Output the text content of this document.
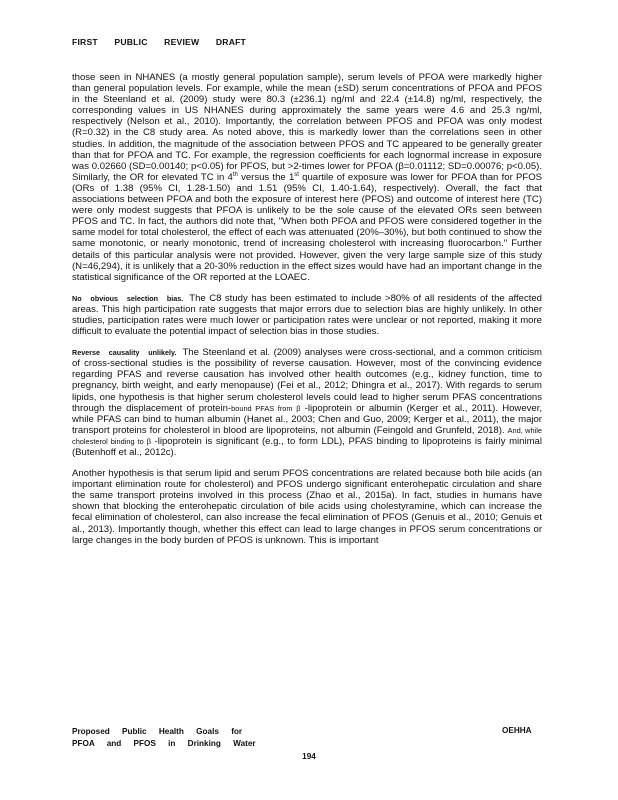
FIRST PUBLIC REVIEW DRAFT

those seen in NHANES (a mostly general population sample), serum levels of PFOA were markedly higher than general population levels. For example, while the mean (±SD) serum concentrations of PFOA and PFOS in the Steenland et al. (2009) study were 80.3 (±236.1) ng/ml and 22.4 (±14.8) ng/ml, respectively, the corresponding values in US NHANES during approximately the same years were 4.6 and 25.3 ng/ml, respectively (Nelson et al., 2010). Importantly, the correlation between PFOS and PFOA was only modest (R=0.32) in the C8 study area. As noted above, this is markedly lower than the correlations seen in other studies. In addition, the magnitude of the association between PFOS and TC appeared to be generally greater than that for PFOA and TC. For example, the regression coefficients for each lognormal increase in exposure was 0.02660 (SD=0.00140; p<0.05) for PFOS, but >2-times lower for PFOA (β=0.01112; SD=0.00076; p<0.05). Similarly, the OR for elevated TC in 4th versus the 1st quartile of exposure was lower for PFOA than for PFOS (ORs of 1.38 (95% CI, 1.28-1.50) and 1.51 (95% CI, 1.40-1.64), respectively). Overall, the fact that associations between PFOA and both the exposure of interest here (PFOS) and outcome of interest here (TC) were only modest suggests that PFOA is unlikely to be the sole cause of the elevated ORs seen between PFOS and TC. In fact, the authors did note that, "When both PFOA and PFOS were considered together in the same model for total cholesterol, the effect of each was attenuated (20%–30%), but both continued to show the same monotonic, or nearly monotonic, trend of increasing cholesterol with increasing fluorocarbon." Further details of this particular analysis were not provided. However, given the very large sample size of this study (N=46,294), it is unlikely that a 20-30% reduction in the effect sizes would have had an important change in the statistical significance of the OR reported at the LOAEC.

No obvious selection bias. The C8 study has been estimated to include >80% of all residents of the affected areas. This high participation rate suggests that major errors due to selection bias are highly unlikely. In other studies, participation rates were much lower or participation rates were unclear or not reported, making it more difficult to evaluate the potential impact of selection bias in those studies.

Reverse causality unlikely. The Steenland et al. (2009) analyses were cross-sectional, and a common criticism of cross-sectional studies is the possibility of reverse causation. However, most of the convincing evidence regarding PFAS and reverse causation has involved other health outcomes (e.g., kidney function, time to pregnancy, birth weight, and early menopause) (Fei et al., 2012; Dhingra et al., 2017). With regards to serum lipids, one hypothesis is that higher serum cholesterol levels could lead to higher serum PFAS concentrations through the displacement of protein-bound PFAS from β -lipoprotein or albumin (Kerger et al., 2011). However, while PFAS can bind to human albumin (Hanet al., 2003; Chen and Guo, 2009; Kerger et al., 2011), the major transport proteins for cholesterol in blood are lipoproteins, not albumin (Feingold and Grunfeld, 2018). And, while cholesterol binding to β -lipoprotein is significant (e.g., to form LDL), PFAS binding to lipoproteins is fairly minimal (Butenhoff et al., 2012c).

Another hypothesis is that serum lipid and serum PFOS concentrations are related because both bile acids (an important elimination route for cholesterol) and PFOS undergo significant enterohepatic circulation and share the same transport proteins involved in this process (Zhao et al., 2015a). In fact, studies in humans have shown that blocking the enterohepatic circulation of bile acids using cholestyramine, which can increase the fecal elimination of cholesterol, can also increase the fecal elimination of PFOS (Genuis et al., 2010; Genuis et al., 2013). Importantly though, whether this effect can lead to large changes in PFOS serum concentrations or large changes in the body burden of PFOS is unknown. This is important

Proposed Public Health Goals for
PFOA and PFOS in Drinking Water
OEHHA
194
